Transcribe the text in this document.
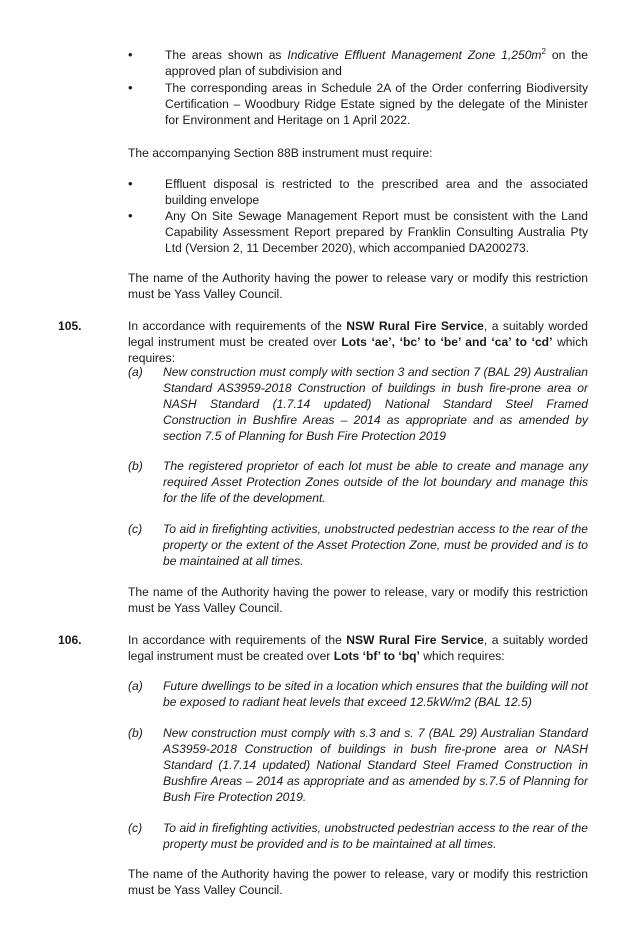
•	The areas shown as Indicative Effluent Management Zone $1,250m^2$ on the approved plan of subdivision and

•	The corresponding areas in Schedule 2A of the Order conferring Biodiversity Certification – Woodbury Ridge Estate signed by the delegate of the Minister for Environment and Heritage on 1 April 2022.

The accompanying Section 88B instrument must require:

•	Effluent disposal is restricted to the prescribed area and the associated building envelope

•	Any On Site Sewage Management Report must be consistent with the Land Capability Assessment Report prepared by Franklin Consulting Australia Pty Ltd (Version 2, 11 December 2020), which accompanied DA200273.

The name of the Authority having the power to release vary or modify this restriction must be Yass Valley Council.

105.	In accordance with requirements of the NSW Rural Fire Service, a suitably worded legal instrument must be created over Lots ‘ae’, ‘bc’ to ‘be’ and ‘ca’ to ‘cd’ which requires:

(a) New construction must comply with section 3 and section 7 (BAL 29) Australian Standard AS3959-2018 Construction of buildings in bush fire-prone area or NASH Standard (1.7.14 updated) National Standard Steel Framed Construction in Bushfire Areas – 2014 as appropriate and as amended by section 7.5 of Planning for Bush Fire Protection 2019

(b) The registered proprietor of each lot must be able to create and manage any required Asset Protection Zones outside of the lot boundary and manage this for the life of the development.

(c) To aid in firefighting activities, unobstructed pedestrian access to the rear of the property or the extent of the Asset Protection Zone, must be provided and is to be maintained at all times.

The name of the Authority having the power to release, vary or modify this restriction must be Yass Valley Council.

106.	In accordance with requirements of the NSW Rural Fire Service, a suitably worded legal instrument must be created over Lots ‘bf’ to ‘bq’ which requires:

(a) Future dwellings to be sited in a location which ensures that the building will not be exposed to radiant heat levels that exceed 12.5kW/m2 (BAL 12.5)

(b) New construction must comply with s.3 and s. 7 (BAL 29) Australian Standard AS3959-2018 Construction of buildings in bush fire-prone area or NASH Standard (1.7.14 updated) National Standard Steel Framed Construction in Bushfire Areas – 2014 as appropriate and as amended by s.7.5 of Planning for Bush Fire Protection 2019.

(c) To aid in firefighting activities, unobstructed pedestrian access to the rear of the property must be provided and is to be maintained at all times.

The name of the Authority having the power to release, vary or modify this restriction must be Yass Valley Council.
